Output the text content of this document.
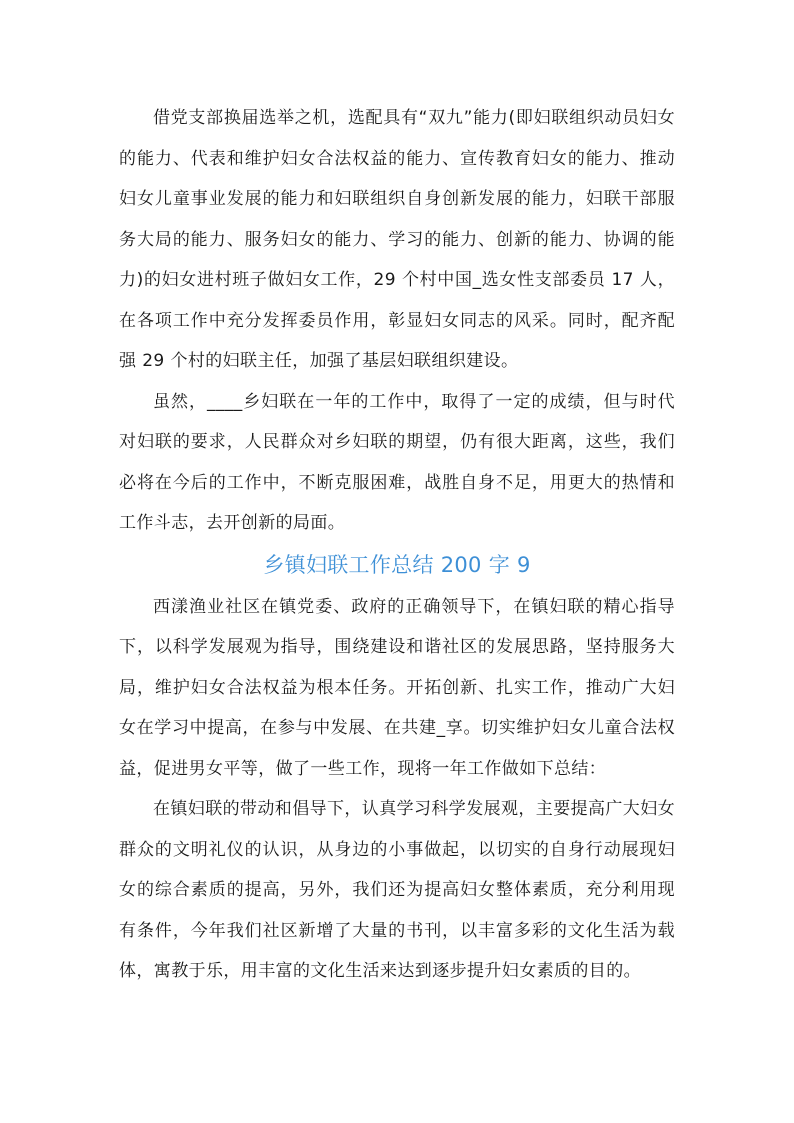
借党支部换届选举之机，选配具有“双九”能力(即妇联组织动员妇女的能力、代表和维护妇女合法权益的能力、宣传教育妇女的能力、推动妇女儿童事业发展的能力和妇联组织自身创新发展的能力，妇联干部服务大局的能力、服务妇女的能力、学习的能力、创新的能力、协调的能力)的妇女进村班子做妇女工作，29 个村中国_选女性支部委员 17 人，在各项工作中充分发挥委员作用，彰显妇女同志的风采。同时，配齐配强 29 个村的妇联主任，加强了基层妇联组织建设。

虽然，____乡妇联在一年的工作中，取得了一定的成绩，但与时代对妇联的要求，人民群众对乡妇联的期望，仍有很大距离，这些，我们必将在今后的工作中，不断克服困难，战胜自身不足，用更大的热情和工作斗志，去开创新的局面。

乡镇妇联工作总结 200 字 9

西漾渔业社区在镇党委、政府的正确领导下，在镇妇联的精心指导下，以科学发展观为指导，围绕建设和谐社区的发展思路，坚持服务大局，维护妇女合法权益为根本任务。开拓创新、扎实工作，推动广大妇女在学习中提高，在参与中发展、在共建_享。切实维护妇女儿童合法权益，促进男女平等，做了一些工作，现将一年工作做如下总结：

在镇妇联的带动和倡导下，认真学习科学发展观，主要提高广大妇女群众的文明礼仪的认识，从身边的小事做起，以切实的自身行动展现妇女的综合素质的提高，另外，我们还为提高妇女整体素质，充分利用现有条件，今年我们社区新增了大量的书刊，以丰富多彩的文化生活为载体，寓教于乐，用丰富的文化生活来达到逐步提升妇女素质的目的。
